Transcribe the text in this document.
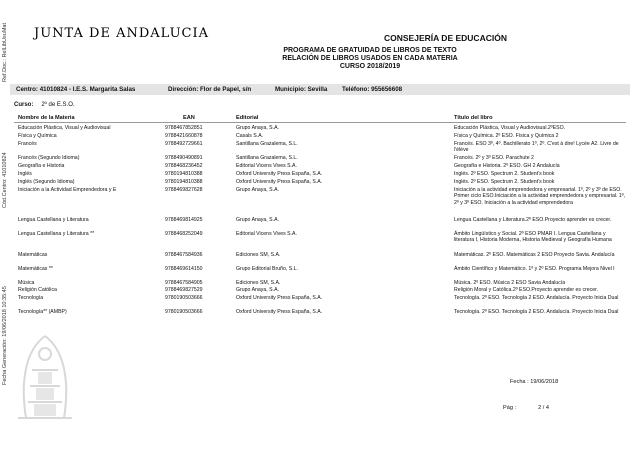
Ref.Doc.: RelLibUsuMat
Cód.Centro: 41010824
Fecha Generación: 19/06/2018 10:35:45
JUNTA DE ANDALUCIA	CONSEJERÍA DE EDUCACIÓN
PROGRAMA DE GRATUIDAD DE LIBROS DE TEXTO
RELACIÓN DE LIBROS USADOS EN CADA MATERIA
CURSO 2018/2019
Centro: 41010824 - I.E.S. Margarita Salas	Dirección: Flor de Papel, s/n	Municipio: Sevilla Teléfono: 955656608
Curso: 2º de E.S.O.
Nombre de la Materia	EAN	Editorial	Título del libro
Educación Plástica, Visual y Audiovisual	9788467852851	Grupo Anaya, S.A.	Educación Plástica, Visual y Audiovisual.2ºESO.
Física y Química	9788421660878	Casals S.A.	Física y Química. 2º ESO. Física y Química 2
Francés	9788492729661	Santillana Grazalema, S.L.	Francés. ESO 3º, 4º. Bachillerato 1º, 2º. C'est à dire! Lycée A2. Livre de l'élève
Francés (Segundo Idioma)	9788490490891	Santillana Grazalema, S.L.	Francés. 2º y 3º ESO. Parachute 2
Geografía e Historia	9788468236452	Editorial Vicens Vives S.A.	Geografía e Historia. 2º ESO. GH 2 Andalucía
Inglés	9780194810388	Oxford University Press España, S.A.	Inglés. 2º ESO. Spectrum 2. Student's book
Inglés (Segundo Idioma)	9780194810388	Oxford University Press España, S.A.	Inglés. 2º ESO. Spectrum 2. Student's book
Iniciación a la Actividad Emprendedora y E	9788469827628	Grupo Anaya, S.A.	Iniciación a la actividad emprendedora y empresarial. 1º, 2º y 3º de ESO. Primer ciclo ESO.Iniciación a la actividad emprendedora y empresarial. 1º, 2º y 3º ESO. Iniciación a la actividad emprendedora
Lengua Castellana y Literatura	9788469814925	Grupo Anaya, S.A.	Lengua Castellana y Literatura.2º ESO.Proyecto aprender es crecer.
Lengua Castellana y Literatura **	9788468252049	Editorial Vicens Vives S.A.	Ámbito Lingüístico y Social. 2º ESO PMAR I. Lengua Castellana y literatura I, Historia Moderna, Historia Medieval y Geografía Humana
Matemáticas	9788467584936	Ediciones SM, S.A.	Matemáticas. 2º ESO. Matemáticas 2 ESO Proyecto Savia. Andalucía
Matemáticas **	9788469614150	Grupo Editorial Bruño, S.L.	Ámbito Científico y Matemático. 1º y 2º ESO. Programa Mejora Nivel I
Música	9788467584905	Ediciones SM, S.A.	Música. 2º ESO. Música 2 ESO Savia Andalucía
Religión Católica	9788469827529	Grupo Anaya, S.A.	Religión Moral y Católica.2º ESO.Proyecto aprender es crecer.
Tecnología	9780190503666	Oxford University Press España, S.A.	Tecnología. 2º ESO. Tecnología 2 ESO. Andalucía. Proyecto Inicia Dual
Tecnología** (AMBP)	9780190503666	Oxford University Press España, S.A.	Tecnología. 2º ESO. Tecnología 2 ESO. Andalucía. Proyecto Inicia Dual
Fecha : 19/06/2018
Pág :	2 / 4
